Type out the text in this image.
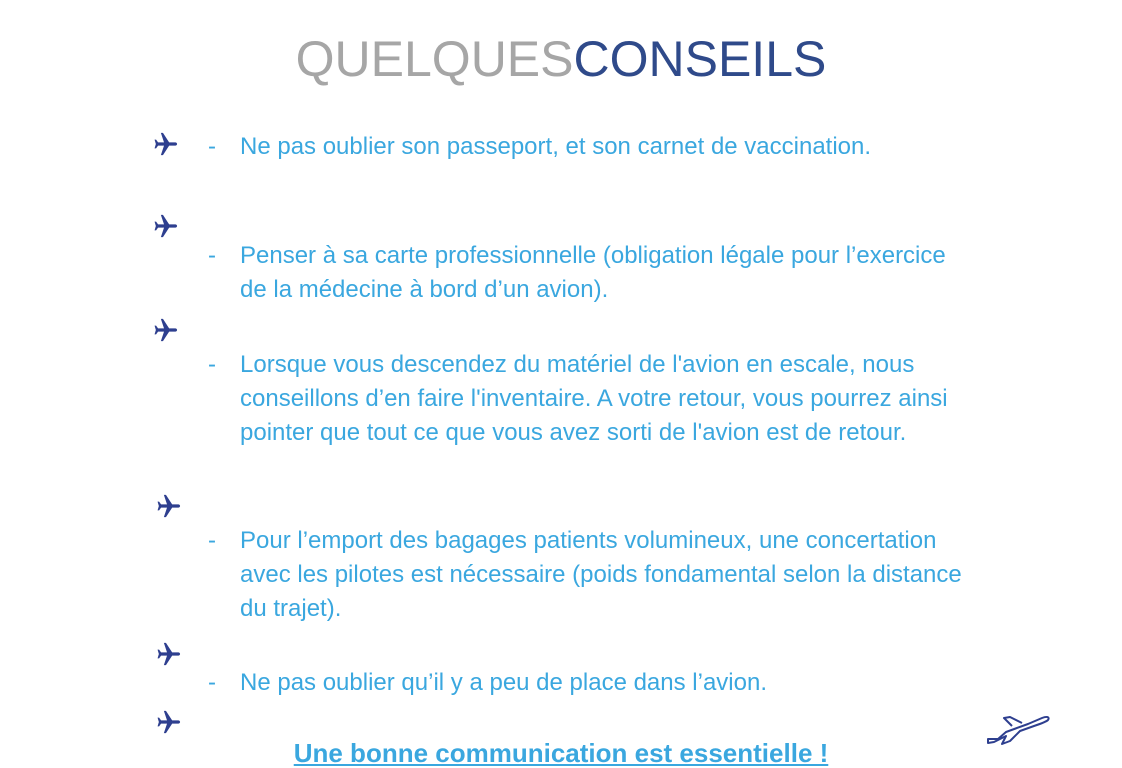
QUELQUESCONSEILS
-	Ne pas oublier son passeport, et son carnet de vaccination.
-	Penser à sa carte professionnelle (obligation légale pour l’exercice de la médecine à bord d’un avion).
-	Lorsque vous descendez du matériel de l'avion en escale, nous conseillons d’en faire l'inventaire. A votre retour, vous pourrez ainsi pointer que tout ce que vous avez sorti de l'avion est de retour.
-	Pour l’emport des bagages patients volumineux, une concertation avec les pilotes est nécessaire (poids fondamental selon la distance du trajet).
-	Ne pas oublier qu’il y a peu de place dans l’avion.
Une bonne communication est essentielle !
